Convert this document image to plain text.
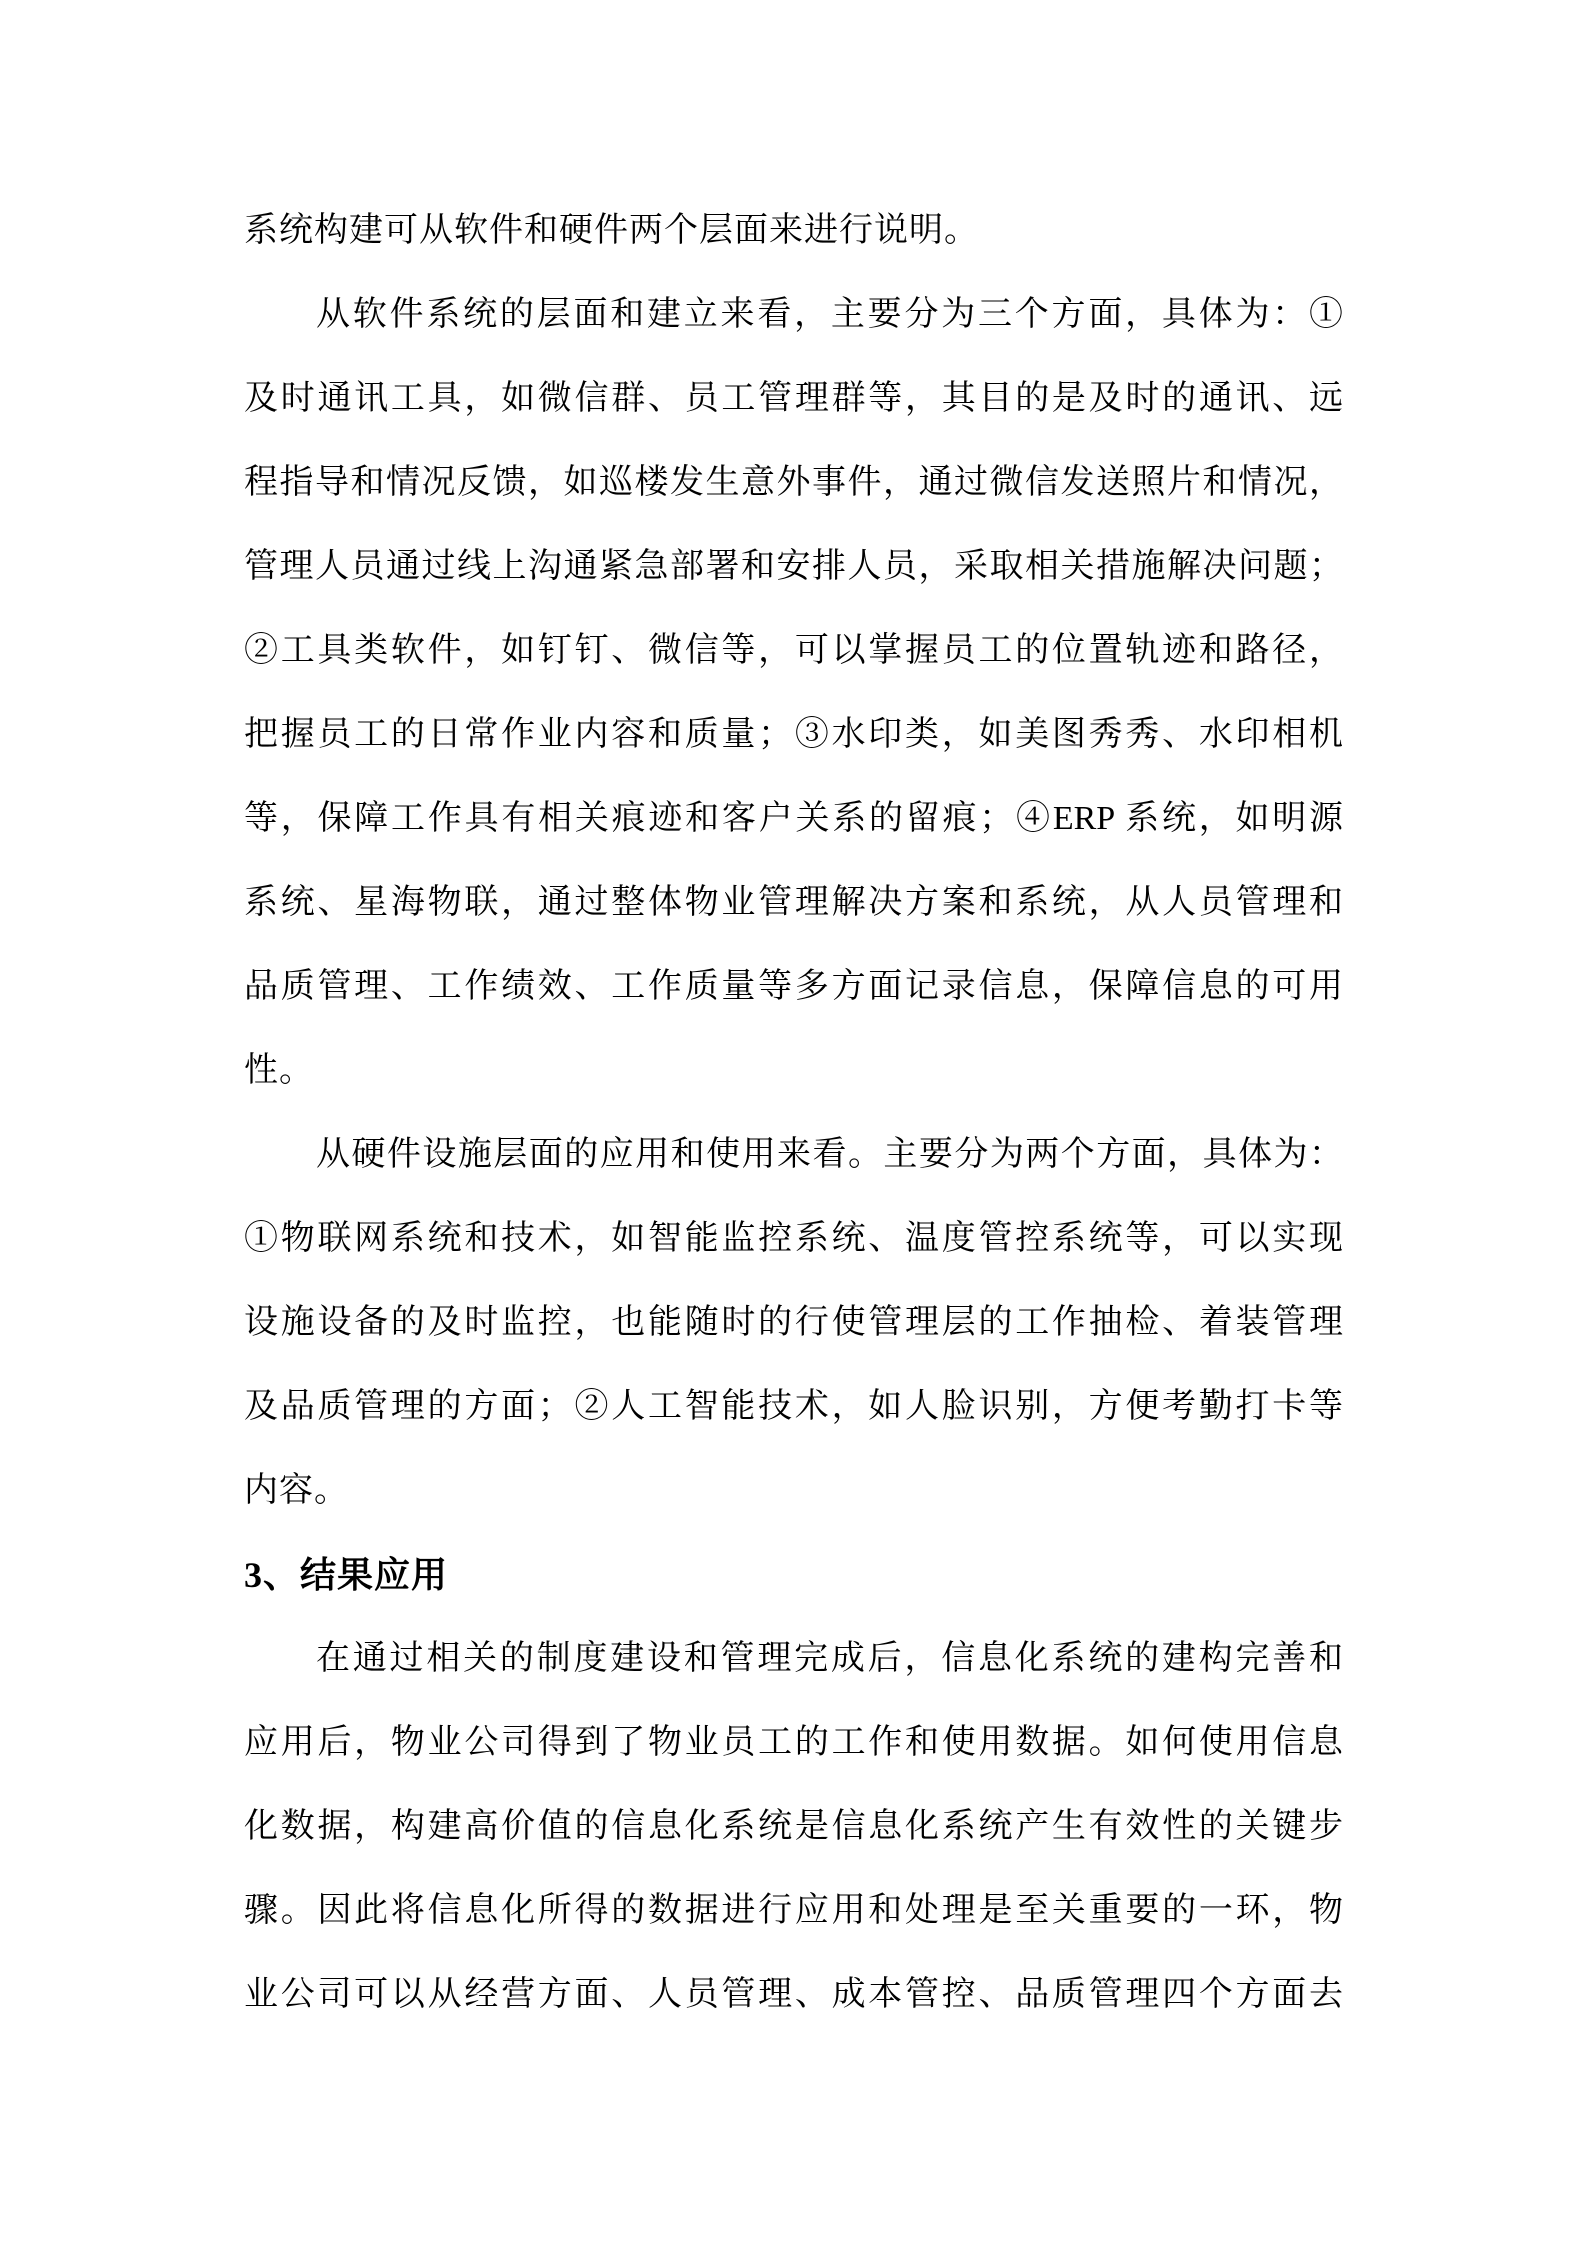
系统构建可从软件和硬件两个层面来进行说明。
从软件系统的层面和建立来看，主要分为三个方面，具体为：①
及时通讯工具，如微信群、员工管理群等，其目的是及时的通讯、远
程指导和情况反馈，如巡楼发生意外事件，通过微信发送照片和情况，
管理人员通过线上沟通紧急部署和安排人员，采取相关措施解决问题；
②工具类软件，如钉钉、微信等，可以掌握员工的位置轨迹和路径，
把握员工的日常作业内容和质量；③水印类，如美图秀秀、水印相机
等，保障工作具有相关痕迹和客户关系的留痕；④ERP 系统，如明源
系统、星海物联，通过整体物业管理解决方案和系统，从人员管理和
品质管理、工作绩效、工作质量等多方面记录信息，保障信息的可用
性。
从硬件设施层面的应用和使用来看。主要分为两个方面，具体为：
①物联网系统和技术，如智能监控系统、温度管控系统等，可以实现
设施设备的及时监控，也能随时的行使管理层的工作抽检、着装管理
及品质管理的方面；②人工智能技术，如人脸识别，方便考勤打卡等
内容。
3、结果应用
在通过相关的制度建设和管理完成后，信息化系统的建构完善和
应用后，物业公司得到了物业员工的工作和使用数据。如何使用信息
化数据，构建高价值的信息化系统是信息化系统产生有效性的关键步
骤。因此将信息化所得的数据进行应用和处理是至关重要的一环，物
业公司可以从经营方面、人员管理、成本管控、品质管理四个方面去
